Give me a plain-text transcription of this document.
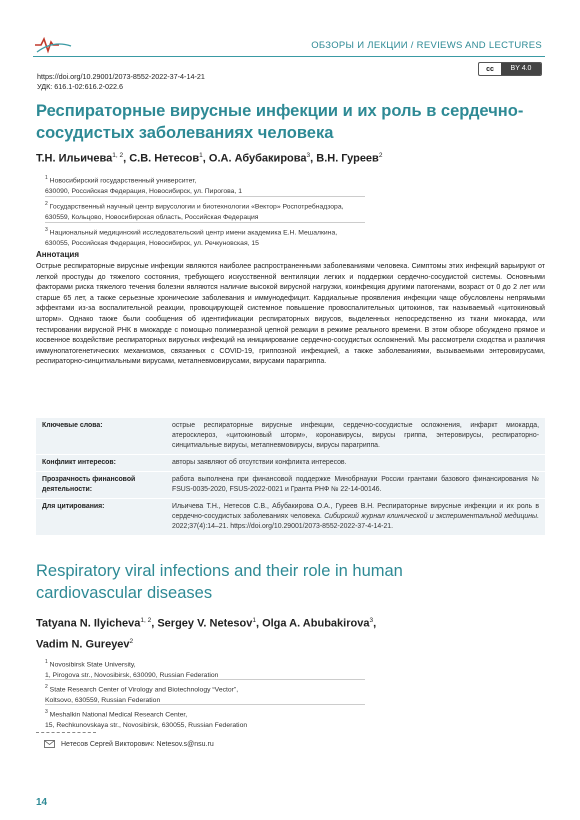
ОБЗОРЫ И ЛЕКЦИИ / REVIEWS AND LECTURES
cc	BY 4.0
https://doi.org/10.29001/2073-8552-2022-37-4-14-21
УДК: 616.1-02:616.2-022.6
Респираторные вирусные инфекции и их роль в сердечно-сосудистых заболеваниях человека
Т.Н. Ильичева$^{1, 2}$, С.В. Нетесов$^1$, О.А. Абубакирова$^3$, В.Н. Гуреев$^2$
$^1$ Новосибирский государственный университет,
630090, Российская Федерация, Новосибирск, ул. Пирогова, 1
$^2$ Государственный научный центр вирусологии и биотехнологии «Вектор» Роспотребнадзора,
630559, Кольцово, Новосибирская область, Российская Федерация
$^3$ Национальный медицинский исследовательский центр имени академика Е.Н. Мешалкина,
630055, Российская Федерация, Новосибирск, ул. Речкуновская, 15
Аннотация
Острые респираторные вирусные инфекции являются наиболее распространенными заболеваниями человека. Симптомы этих инфекций варьируют от легкой простуды до тяжелого состояния, требующего искусственной вентиляции легких и поддержки сердечно-сосудистой системы. Основными факторами риска тяжелого течения болезни являются наличие высокой вирусной нагрузки, коинфекция другими патогенами, возраст от 0 до 2 лет или старше 65 лет, а также серьезные хронические заболевания и иммунодефицит. Кардиальные проявления инфекции чаще обусловлены непрямыми эффектами из-за воспалительной реакции, провоцирующей системное повышение провоспалительных цитокинов, так называемый «цитокиновый шторм». Однако также были сообщения об идентификации респираторных вирусов, выделенных непосредственно из ткани миокарда, или тестировании вирусной РНК в миокарде с помощью полимеразной цепной реакции в режиме реального времени. В этом обзоре обсуждено прямое и косвенное воздействие респираторных вирусных инфекций на инициирование сердечно-сосудистых осложнений. Мы рассмотрели сходства и различия иммунопатогенетических механизмов, связанных с COVID-19, гриппозной инфекцией, а также заболеваниями, вызываемыми энтеровирусами, респираторно-синцитиальными вирусами, метапневмовирусами, вирусами парагриппа.
Ключевые слова:	острые респираторные вирусные инфекции, сердечно-сосудистые осложнения, инфаркт миокарда, атеросклероз, «цитокиновый шторм», коронавирусы, вирусы гриппа, энтеровирусы, респираторно-синцитиальные вирусы, метапневмовирусы, вирусы парагриппа.
Конфликт интересов:	авторы заявляют об отсутствии конфликта интересов.
Прозрачность финансовой деятельности:	работа выполнена при финансовой поддержке Минобрнауки России грантами базового финансирования № FSUS-0035-2020, FSUS-2022-0021 и Гранта РНФ № 22-14-00146.
Для цитирования:	Ильичева Т.Н., Нетесов С.В., Абубакирова О.А., Гуреев В.Н. Респираторные вирусные инфекции и их роль в сердечно-сосудистых заболеваниях человека. Сибирский журнал клинической и экспериментальной медицины. 2022;37(4):14–21. https://doi.org/10.29001/2073-8552-2022-37-4-14-21.
Respiratory viral infections and their role in human cardiovascular diseases
Tatyana N. Ilyicheva$^{1, 2}$, Sergey V. Netesov$^1$, Olga A. Abubakirova$^3$,
Vadim N. Gureyev$^2$
$^1$ Novosibirsk State University,
1, Pirogova str., Novosibirsk, 630090, Russian Federation
$^2$ State Research Center of Virology and Biotechnology “Vector”,
Koltsovo, 630559, Russian Federation
$^3$ Meshalkin National Medical Research Center,
15, Rechkunovskaya str., Novosibirsk, 630055, Russian Federation
Нетесов Сергей Викторович: Netesov.s@nsu.ru
14
